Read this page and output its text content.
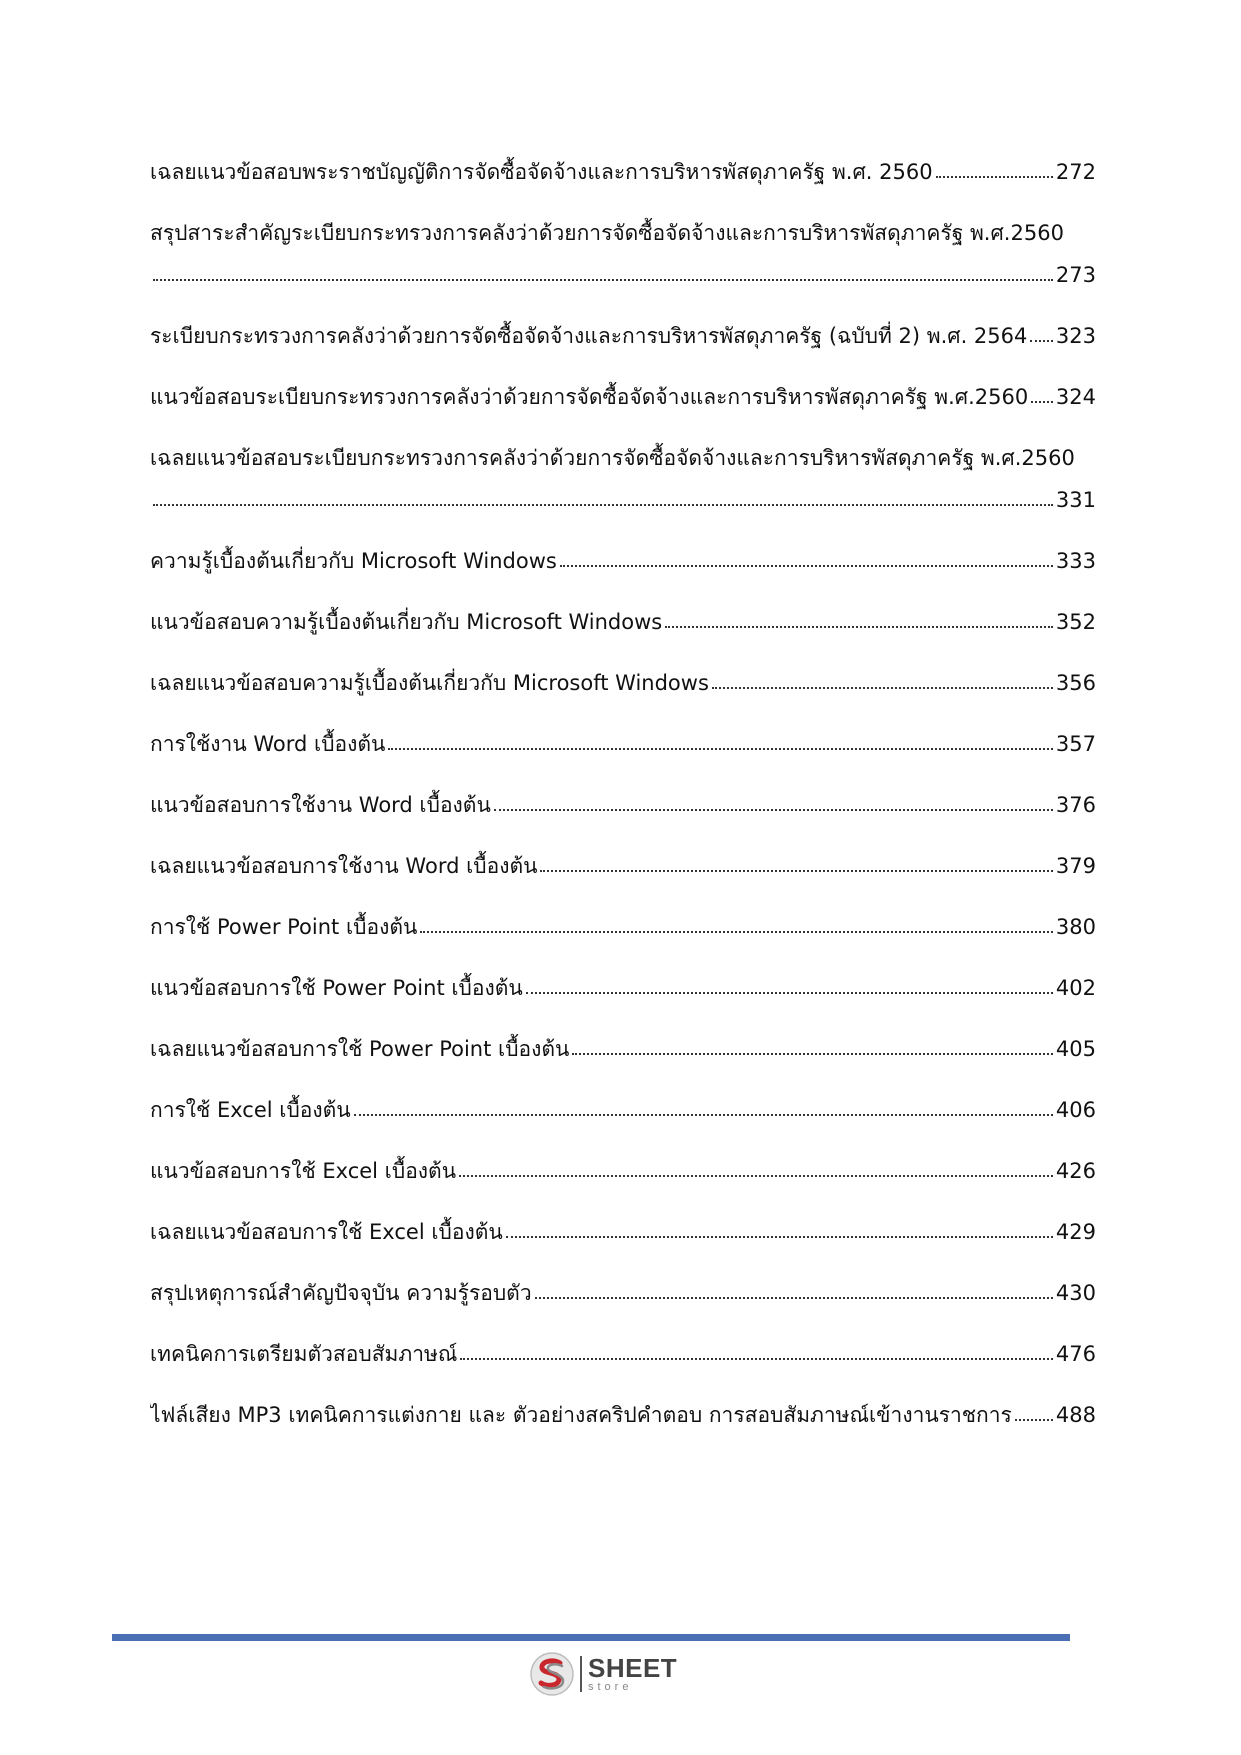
เฉลยแนวข้อสอบพระราชบัญญัติการจัดซื้อจัดจ้างและการบริหารพัสดุภาครัฐ พ.ศ. 2560	272
สรุปสาระสำคัญระเบียบกระทรวงการคลังว่าด้วยการจัดซื้อจัดจ้างและการบริหารพัสดุภาครัฐ พ.ศ.2560
273
ระเบียบกระทรวงการคลังว่าด้วยการจัดซื้อจัดจ้างและการบริหารพัสดุภาครัฐ (ฉบับที่ 2) พ.ศ. 2564 323
แนวข้อสอบระเบียบกระทรวงการคลังว่าด้วยการจัดซื้อจัดจ้างและการบริหารพัสดุภาครัฐ พ.ศ.2560 324
เฉลยแนวข้อสอบระเบียบกระทรวงการคลังว่าด้วยการจัดซื้อจัดจ้างและการบริหารพัสดุภาครัฐ พ.ศ.2560
331
ความรู้เบื้องต้นเกี่ยวกับ Microsoft Windows	333
แนวข้อสอบความรู้เบื้องต้นเกี่ยวกับ Microsoft Windows	352
เฉลยแนวข้อสอบความรู้เบื้องต้นเกี่ยวกับ Microsoft Windows	356
การใช้งาน Word เบื้องต้น	357
แนวข้อสอบการใช้งาน Word เบื้องต้น	376
เฉลยแนวข้อสอบการใช้งาน Word เบื้องต้น	379
การใช้ Power Point เบื้องต้น	380
แนวข้อสอบการใช้ Power Point เบื้องต้น	402
เฉลยแนวข้อสอบการใช้ Power Point เบื้องต้น	405
การใช้ Excel เบื้องต้น	406
แนวข้อสอบการใช้ Excel เบื้องต้น	426
เฉลยแนวข้อสอบการใช้ Excel เบื้องต้น	429
สรุปเหตุการณ์สำคัญปัจจุบัน ความรู้รอบตัว	430
เทคนิคการเตรียมตัวสอบสัมภาษณ์	476
ไฟล์เสียง MP3 เทคนิคการแต่งกาย และ ตัวอย่างสคริปคำตอบ การสอบสัมภาษณ์เข้างานราชการ 488
SHEET
store
